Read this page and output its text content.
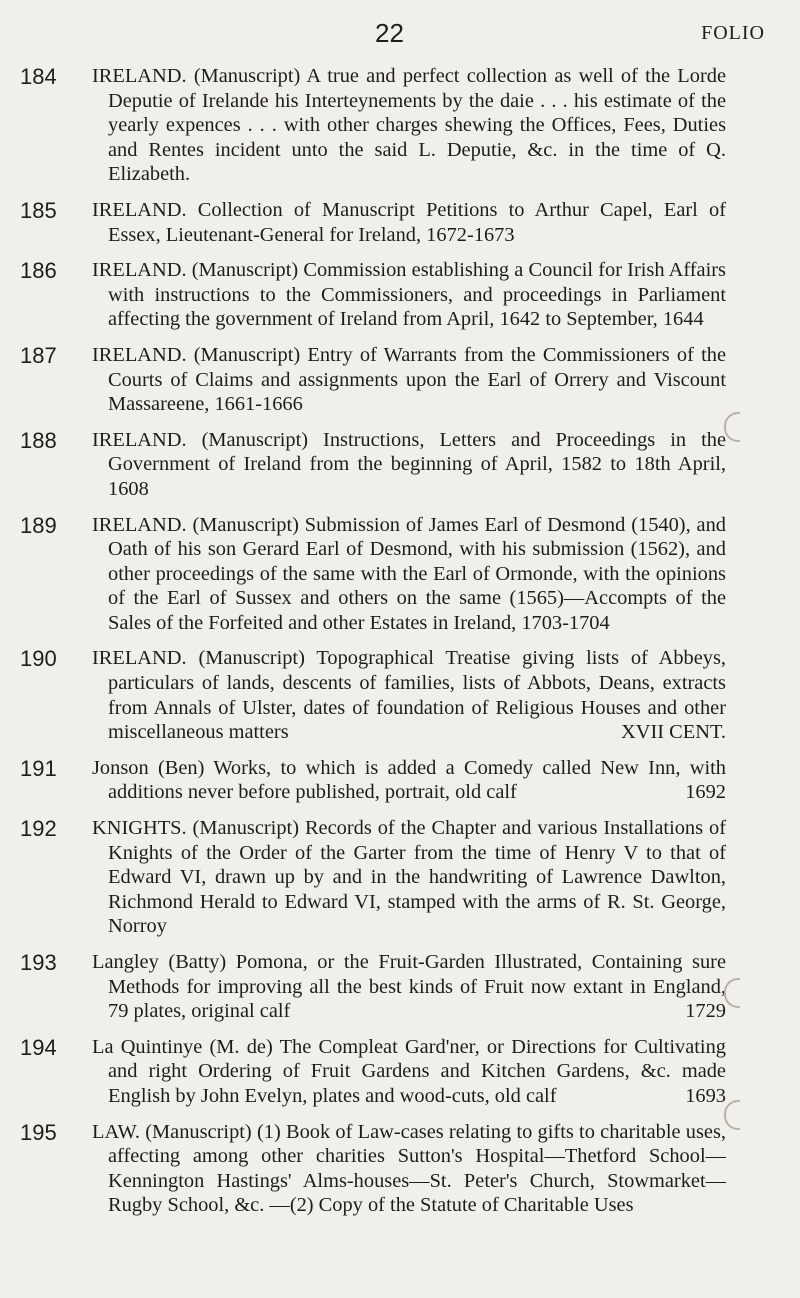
22	FOLIO
184 IRELAND. (Manuscript) A true and perfect collection as well of the Lorde Deputie of Irelande his Interteynements by the daie . . . his estimate of the yearly expences . . . with other charges shewing the Offices, Fees, Duties and Rentes incident unto the said L. Deputie, &c. in the time of Q. Elizabeth.
185 IRELAND. Collection of Manuscript Petitions to Arthur Capel, Earl of Essex, Lieutenant-General for Ireland, 1672-1673
186 IRELAND. (Manuscript) Commission establishing a Council for Irish Affairs with instructions to the Commissioners, and proceedings in Parliament affecting the government of Ireland from April, 1642 to September, 1644
187 IRELAND. (Manuscript) Entry of Warrants from the Commissioners of the Courts of Claims and assignments upon the Earl of Orrery and Viscount Massareene, 1661-1666
188 IRELAND. (Manuscript) Instructions, Letters and Proceedings in the Government of Ireland from the beginning of April, 1582 to 18th April, 1608
189 IRELAND. (Manuscript) Submission of James Earl of Desmond (1540), and Oath of his son Gerard Earl of Desmond, with his submission (1562), and other proceedings of the same with the Earl of Ormonde, with the opinions of the Earl of Sussex and others on the same (1565)—Accompts of the Sales of the Forfeited and other Estates in Ireland, 1703-1704
190 IRELAND. (Manuscript) Topographical Treatise giving lists of Abbeys, particulars of lands, descents of families, lists of Abbots, Deans, extracts from Annals of Ulster, dates of foundation of Religious Houses and other miscellaneous matters	XVII CENT.
191 Jonson (Ben) Works, to which is added a Comedy called New Inn, with additions never before published, portrait, old calf	1692
192 KNIGHTS. (Manuscript) Records of the Chapter and various Installations of Knights of the Order of the Garter from the time of Henry V to that of Edward VI, drawn up by and in the handwriting of Lawrence Dawlton, Richmond Herald to Edward VI, stamped with the arms of R. St. George, Norroy
193 Langley (Batty) Pomona, or the Fruit-Garden Illustrated, Containing sure Methods for improving all the best kinds of Fruit now extant in England, 79 plates, original calf	1729
194 La Quintinye (M. de) The Compleat Gard'ner, or Directions for Cultivating and right Ordering of Fruit Gardens and Kitchen Gardens, &c. made English by John Evelyn, plates and wood-cuts, old calf	1693
195 LAW. (Manuscript) (1) Book of Law-cases relating to gifts to charitable uses, affecting among other charities Sutton's Hospital—Thetford School—Kennington Hastings' Alms-houses—St. Peter's Church, Stowmarket—Rugby School, &c. —(2) Copy of the Statute of Charitable Uses
